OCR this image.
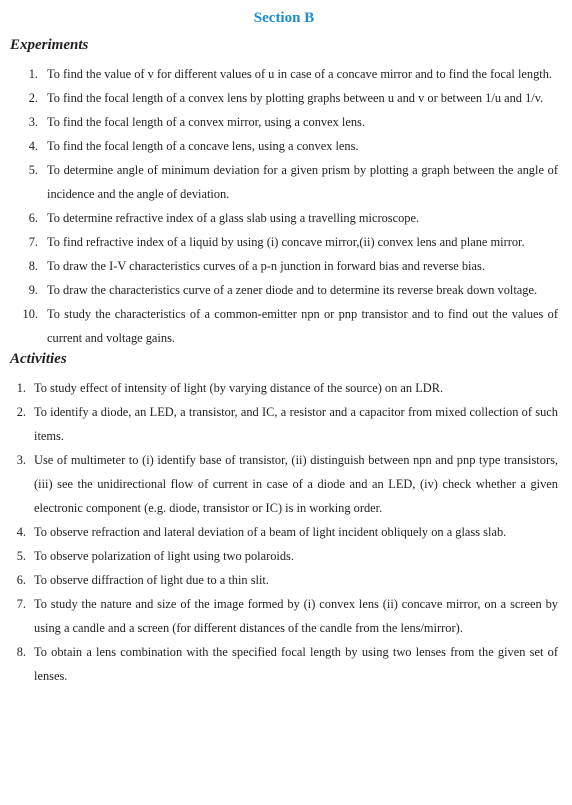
Section B
Experiments
1. To find the value of v for different values of u in case of a concave mirror and to find the focal length.
2. To find the focal length of a convex lens by plotting graphs between u and v or between 1/u and 1/v.
3. To find the focal length of a convex mirror, using a convex lens.
4. To find the focal length of a concave lens, using a convex lens.
5. To determine angle of minimum deviation for a given prism by plotting a graph between the angle of incidence and the angle of deviation.
6. To determine refractive index of a glass slab using a travelling microscope.
7. To find refractive index of a liquid by using (i) concave mirror,(ii) convex lens and plane mirror.
8. To draw the I-V characteristics curves of a p-n junction in forward bias and reverse bias.
9. To draw the characteristics curve of a zener diode and to determine its reverse break down voltage.
10. To study the characteristics of a common-emitter npn or pnp transistor and to find out the values of current and voltage gains.
Activities
1. To study effect of intensity of light (by varying distance of the source) on an LDR.
2. To identify a diode, an LED, a transistor, and IC, a resistor and a capacitor from mixed collection of such items.
3. Use of multimeter to (i) identify base of transistor, (ii) distinguish between npn and pnp type transistors, (iii) see the unidirectional flow of current in case of a diode and an LED, (iv) check whether a given electronic component (e.g. diode, transistor or IC) is in working order.
4. To observe refraction and lateral deviation of a beam of light incident obliquely on a glass slab.
5. To observe polarization of light using two polaroids.
6. To observe diffraction of light due to a thin slit.
7. To study the nature and size of the image formed by (i) convex lens (ii) concave mirror, on a screen by using a candle and a screen (for different distances of the candle from the lens/mirror).
8. To obtain a lens combination with the specified focal length by using two lenses from the given set of lenses.
